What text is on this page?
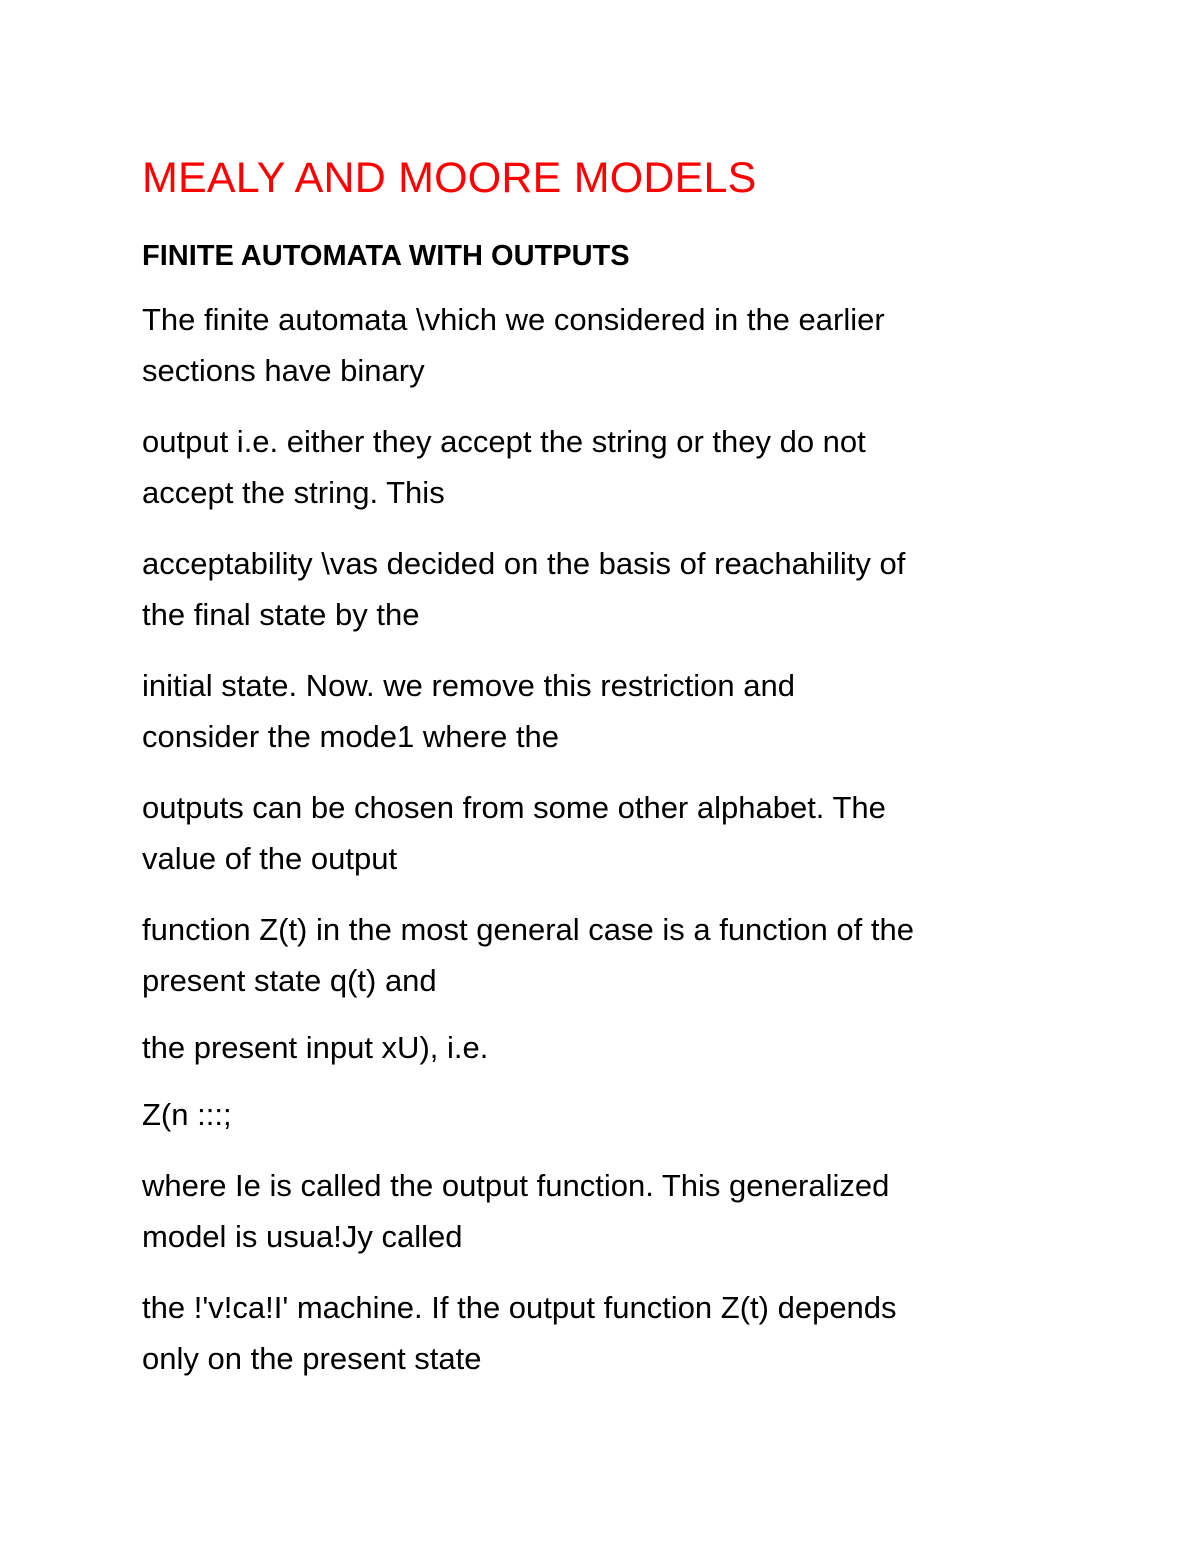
MEALY AND MOORE MODELS
FINITE AUTOMATA WITH OUTPUTS

The finite automata \vhich we considered in the earlier
sections have binary

output i.e. either they accept the string or they do not
accept the string. This

acceptability \vas decided on the basis of reachahility of
the final state by the

initial state. Now. we remove this restriction and
consider the mode1 where the

outputs can be chosen from some other alphabet. The
value of the output

function Z(t) in the most general case is a function of the
present state q(t) and

the present input xU), i.e.

Z(n :::;

where Ie is called the output function. This generalized
model is usua!Jy called

the !'v!ca!I' machine. If the output function Z(t) depends
only on the present state
